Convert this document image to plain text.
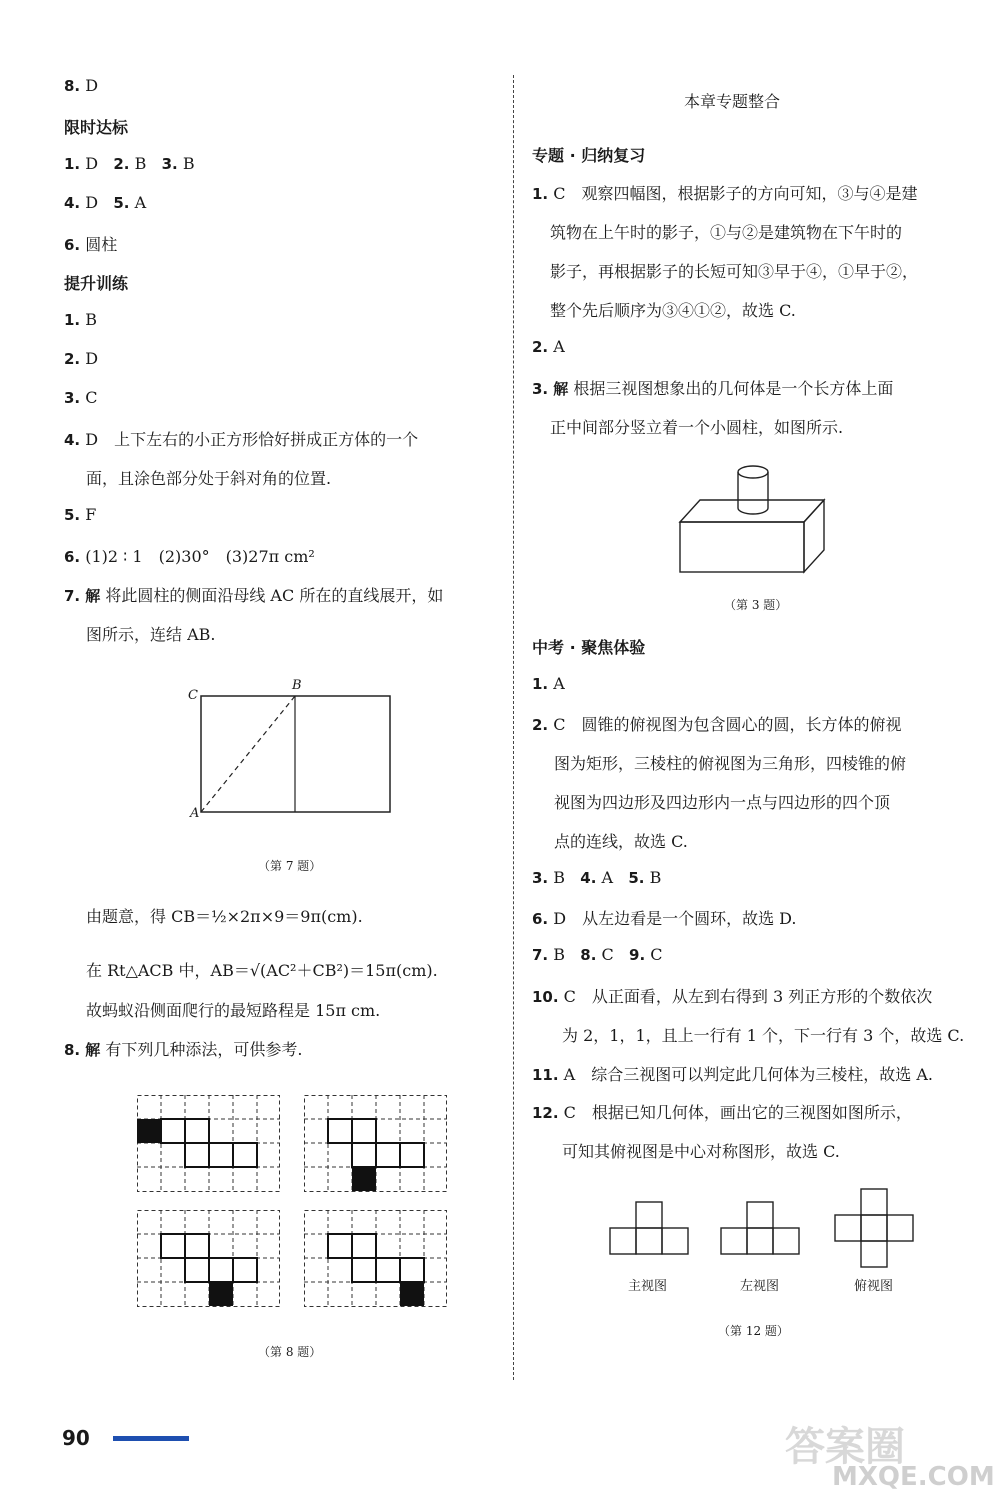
8. D
限时达标
1. D 2. B 3. B
4. D 5. A
6. 圆柱
提升训练
1. B
2. D
3. C
4. D　上下左右的小正方形恰好拼成正方体的一个
面，且涂色部分处于斜对角的位置.
5. F
6. (1)2 ∶ 1　(2)30°　(3)27π cm²
7. 解 将此圆柱的侧面沿母线 AC 所在的直线展开，如
图所示，连结 AB.
C
B
A
（第 7 题）
由题意，得 CB＝½×2π×9＝9π(cm).
在 Rt△ACB 中，AB＝√(AC²＋CB²)＝15π(cm).
故蚂蚁沿侧面爬行的最短路程是 15π cm.
8. 解 有下列几种添法，可供参考.
（第 8 题）
本章专题整合
专题 · 归纳复习
1. C　观察四幅图，根据影子的方向可知，③与④是建
筑物在上午时的影子，①与②是建筑物在下午时的
影子，再根据影子的长短可知③早于④，①早于②，
整个先后顺序为③④①②，故选 C.
2. A
3. 解 根据三视图想象出的几何体是一个长方体上面
正中间部分竖立着一个小圆柱，如图所示.
（第 3 题）
中考 · 聚焦体验
1. A
2. C　圆锥的俯视图为包含圆心的圆，长方体的俯视
图为矩形，三棱柱的俯视图为三角形，四棱锥的俯
视图为四边形及四边形内一点与四边形的四个顶
点的连线，故选 C.
3. B 4. A 5. B
6. D　从左边看是一个圆环，故选 D.
7. B 8. C 9. C
10. C　从正面看，从左到右得到 3 列正方形的个数依次
为 2，1，1，且上一行有 1 个，下一行有 3 个，故选 C.
11. A　综合三视图可以判定此几何体为三棱柱，故选 A.
12. C　根据已知几何体，画出它的三视图如图所示，
可知其俯视图是中心对称图形，故选 C.
主视图	左视图	俯视图
（第 12 题）
90	答案圈
MXQE.COM
